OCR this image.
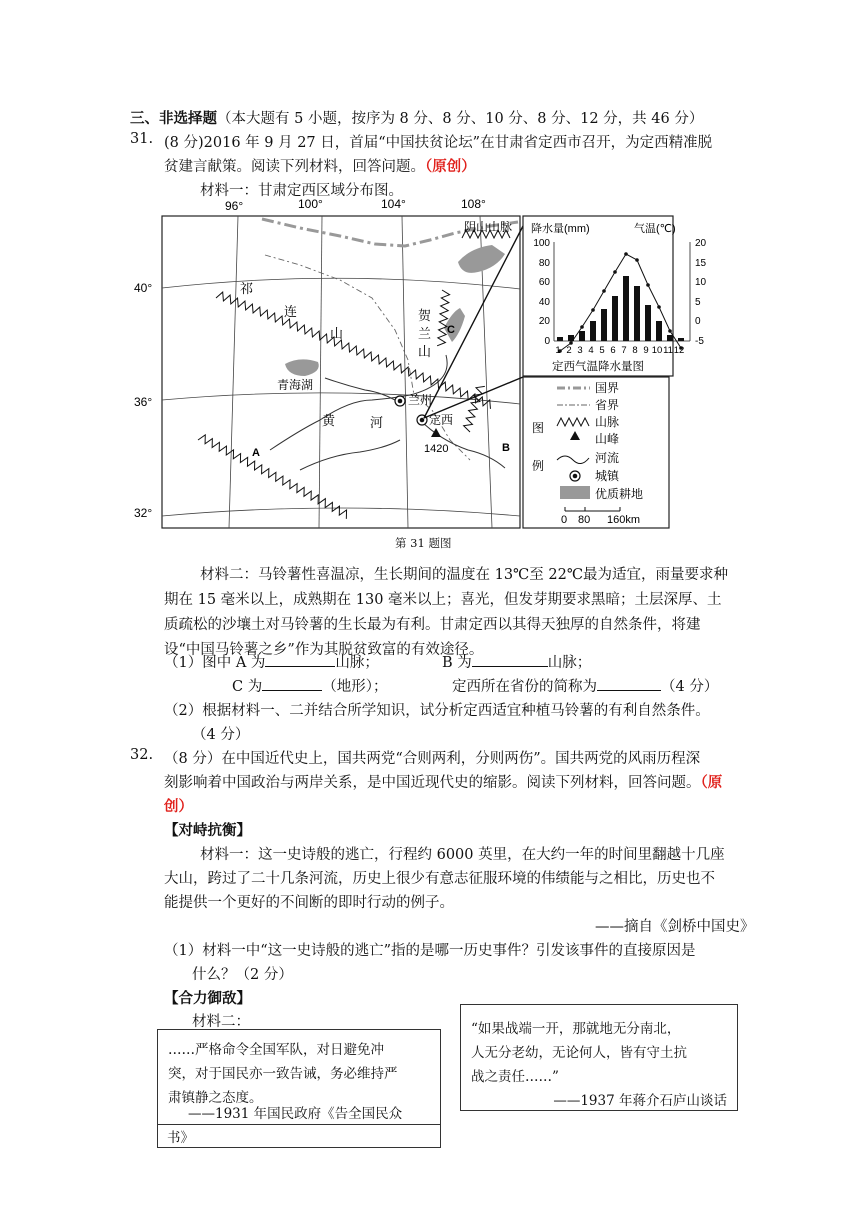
三、非选择题（本大题有 5 小题，按序为 8 分、8 分、10 分、8 分、12 分，共 46 分）
31. (8 分)2016 年 9 月 27 日，首届“中国扶贫论坛”在甘肃省定西市召开，为定西精准脱
贫建言献策。阅读下列材料，回答问题。（原创）
材料一：甘肃定西区域分布图。
96°	100°	104°	108°
40°
36°
32°
C
青海湖
阴山山脉
祁
连
山
贺
兰
山
黄	河
A	B
兰州
定西
1420
降水量(mm)	气温(℃)
100
80
60
40
20
0
20
15
10
5
0
-5
1 2 3 4 5 6 7 8 9 10 11 12
定西气温降水量图
图
例
国界
省界
山脉
山峰
河流
城镇
优质耕地
0 80 160km
第 31 题图
材料二：马铃薯性喜温凉，生长期间的温度在 13℃至 22℃最为适宜，雨量要求种
期在 15 毫米以上，成熟期在 130 毫米以上；喜光，但发芽期要求黑暗；土层深厚、土
质疏松的沙壤土对马铃薯的生长最为有利。甘肃定西以其得天独厚的自然条件，将建
设“中国马铃薯之乡”作为其脱贫致富的有效途径。
（1）图中 A 为	山脉；	B 为	山脉；
C 为	（地形）；	定西所在省份的简称为	（4 分）
（2）根据材料一、二并结合所学知识，试分析定西适宜种植马铃薯的有利自然条件。
（4 分）
32. （8 分）在中国近代史上，国共两党“合则两利，分则两伤”。国共两党的风雨历程深
刻影响着中国政治与两岸关系，是中国近现代史的缩影。阅读下列材料，回答问题。（原
创）
【对峙抗衡】
材料一：这一史诗般的逃亡，行程约 6000 英里，在大约一年的时间里翻越十几座
大山，跨过了二十几条河流，历史上很少有意志征服环境的伟绩能与之相比，历史也不
能提供一个更好的不间断的即时行动的例子。
——摘自《剑桥中国史》
（1）材料一中“这一史诗般的逃亡”指的是哪一历史事件？引发该事件的直接原因是
什么？（2 分）
【合力御敌】
材料二：
……严格命令全国军队，对日避免冲
突，对于国民亦一致告诫，务必维持严
肃镇静之态度。
——1931 年国民政府《告全国民众
书》
“如果战端一开，那就地无分南北，
人无分老幼，无论何人，皆有守土抗
战之责任……”
——1937 年蒋介石庐山谈话
